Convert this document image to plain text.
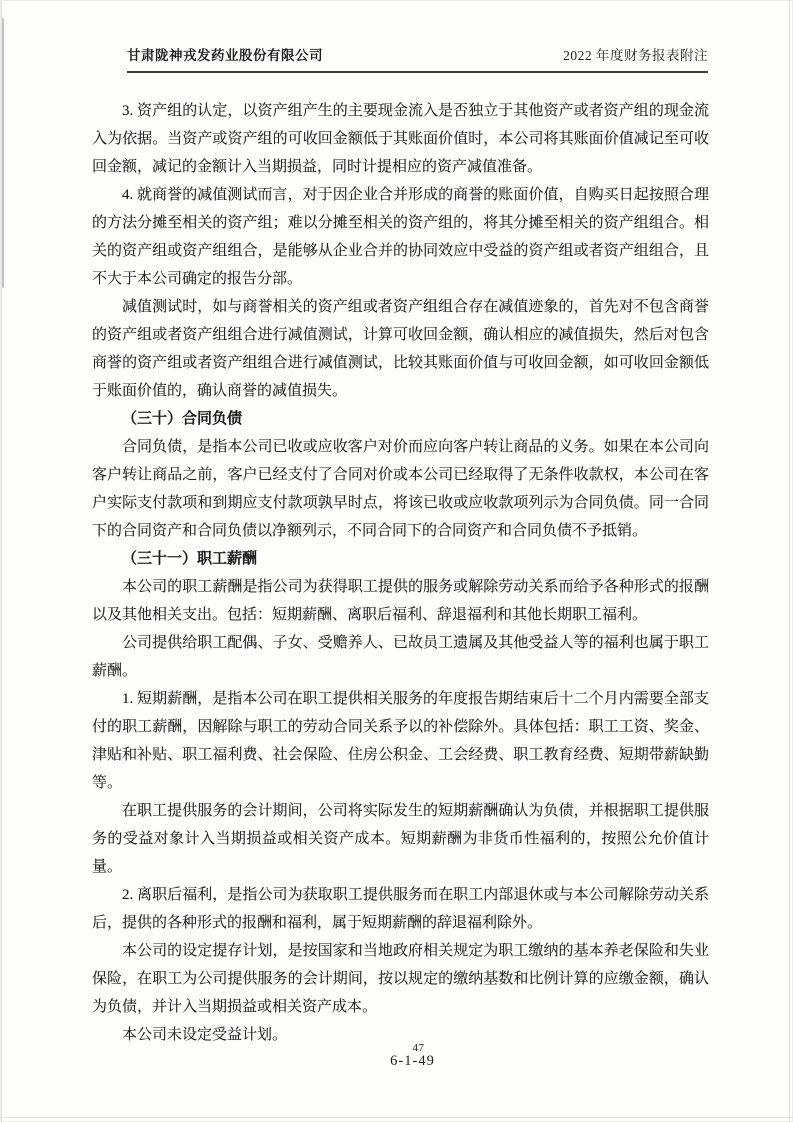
甘肃陇神戎发药业股份有限公司	2022 年度财务报表附注

3. 资产组的认定，以资产组产生的主要现金流入是否独立于其他资产或者资产组的现金流入为依据。当资产或资产组的可收回金额低于其账面价值时，本公司将其账面价值减记至可收回金额，减记的金额计入当期损益，同时计提相应的资产减值准备。

4. 就商誉的减值测试而言，对于因企业合并形成的商誉的账面价值，自购买日起按照合理的方法分摊至相关的资产组；难以分摊至相关的资产组的，将其分摊至相关的资产组组合。相关的资产组或资产组组合，是能够从企业合并的协同效应中受益的资产组或者资产组组合，且不大于本公司确定的报告分部。

减值测试时，如与商誉相关的资产组或者资产组组合存在减值迹象的，首先对不包含商誉的资产组或者资产组组合进行减值测试，计算可收回金额，确认相应的减值损失，然后对包含商誉的资产组或者资产组组合进行减值测试，比较其账面价值与可收回金额，如可收回金额低于账面价值的，确认商誉的减值损失。

（三十）合同负债

合同负债，是指本公司已收或应收客户对价而应向客户转让商品的义务。如果在本公司向客户转让商品之前，客户已经支付了合同对价或本公司已经取得了无条件收款权，本公司在客户实际支付款项和到期应支付款项孰早时点，将该已收或应收款项列示为合同负债。同一合同下的合同资产和合同负债以净额列示，不同合同下的合同资产和合同负债不予抵销。

（三十一）职工薪酬

本公司的职工薪酬是指公司为获得职工提供的服务或解除劳动关系而给予各种形式的报酬以及其他相关支出。包括：短期薪酬、离职后福利、辞退福利和其他长期职工福利。

公司提供给职工配偶、子女、受赡养人、已故员工遗属及其他受益人等的福利也属于职工薪酬。

1. 短期薪酬，是指本公司在职工提供相关服务的年度报告期结束后十二个月内需要全部支付的职工薪酬，因解除与职工的劳动合同关系予以的补偿除外。具体包括：职工工资、奖金、津贴和补贴、职工福利费、社会保险、住房公积金、工会经费、职工教育经费、短期带薪缺勤等。

在职工提供服务的会计期间，公司将实际发生的短期薪酬确认为负债，并根据职工提供服务的受益对象计入当期损益或相关资产成本。短期薪酬为非货币性福利的，按照公允价值计量。

2. 离职后福利，是指公司为获取职工提供服务而在职工内部退休或与本公司解除劳动关系后，提供的各种形式的报酬和福利，属于短期薪酬的辞退福利除外。

本公司的设定提存计划，是按国家和当地政府相关规定为职工缴纳的基本养老保险和失业保险，在职工为公司提供服务的会计期间，按以规定的缴纳基数和比例计算的应缴金额，确认为负债，并计入当期损益或相关资产成本。

本公司未设定受益计划。

47
6-1-49
